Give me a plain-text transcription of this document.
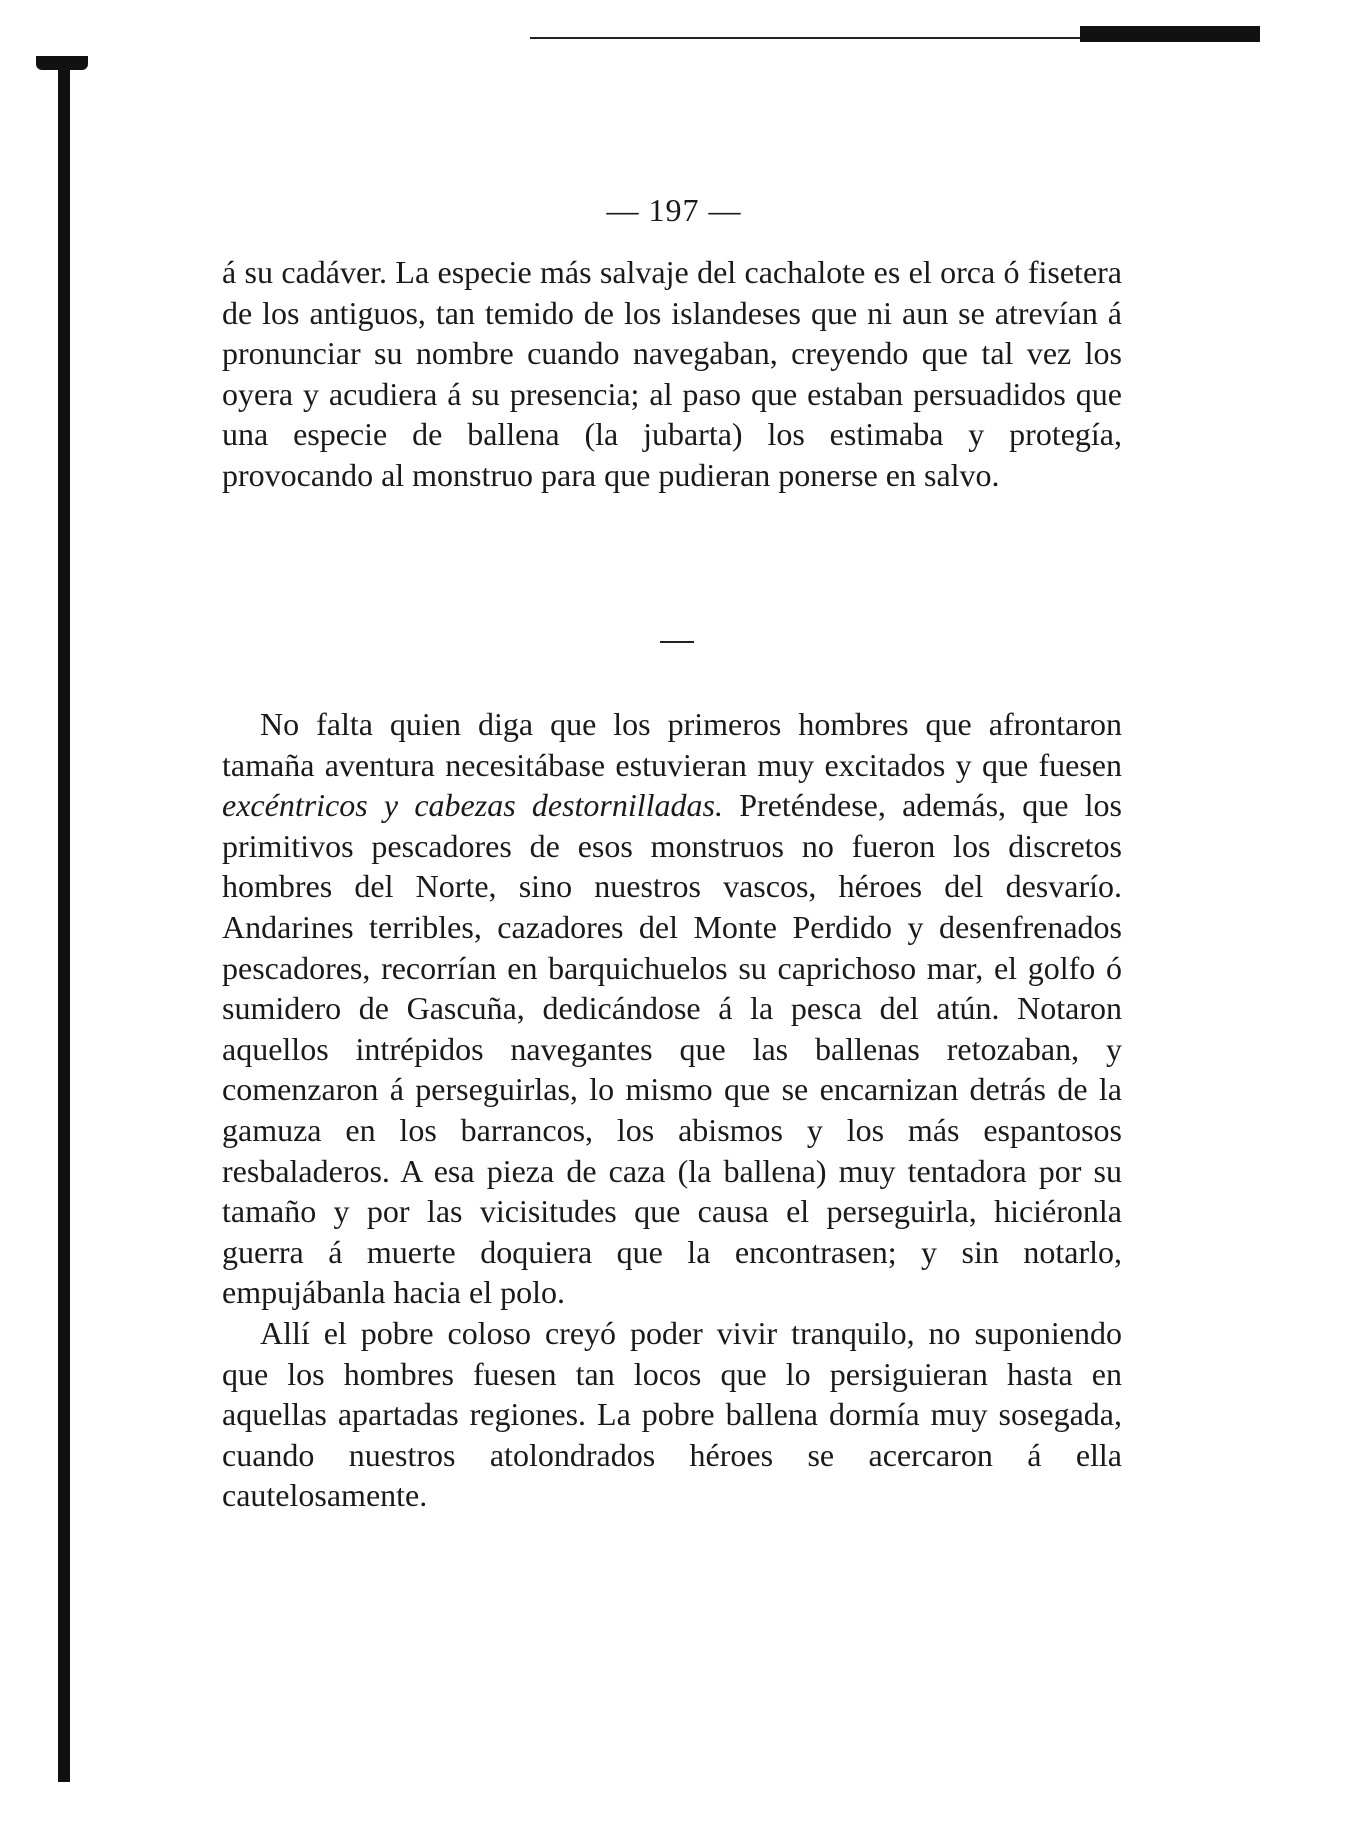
— 197 —

á su cadáver. La especie más salvaje del cachalote es el orca ó fisetera de los antiguos, tan temido de los islandeses que ni aun se atrevían á pronunciar su nombre cuando navegaban, creyendo que tal vez los oyera y acudiera á su presencia; al paso que estaban persuadidos que una especie de ballena (la jubarta) los estimaba y protegía, provocando al monstruo para que pudieran ponerse en salvo.

No falta quien diga que los primeros hombres que afrontaron tamaña aventura necesitábase estuvieran muy excitados y que fuesen excéntricos y cabezas destornilladas. Preténdese, además, que los primitivos pescadores de esos monstruos no fueron los discretos hombres del Norte, sino nuestros vascos, héroes del desvarío. Andarines terribles, cazadores del Monte Perdido y desenfrenados pescadores, recorrían en barquichuelos su caprichoso mar, el golfo ó sumidero de Gascuña, dedicándose á la pesca del atún. Notaron aquellos intrépidos navegantes que las ballenas retozaban, y comenzaron á perseguirlas, lo mismo que se encarnizan detrás de la gamuza en los barrancos, los abismos y los más espantosos resbaladeros. A esa pieza de caza (la ballena) muy tentadora por su tamaño y por las vicisitudes que causa el perseguirla, hiciéronla guerra á muerte doquiera que la encontrasen; y sin notarlo, empujábanla hacia el polo.

Allí el pobre coloso creyó poder vivir tranquilo, no suponiendo que los hombres fuesen tan locos que lo persiguieran hasta en aquellas apartadas regiones. La pobre ballena dormía muy sosegada, cuando nuestros atolondrados héroes se acercaron á ella cautelosamente.
